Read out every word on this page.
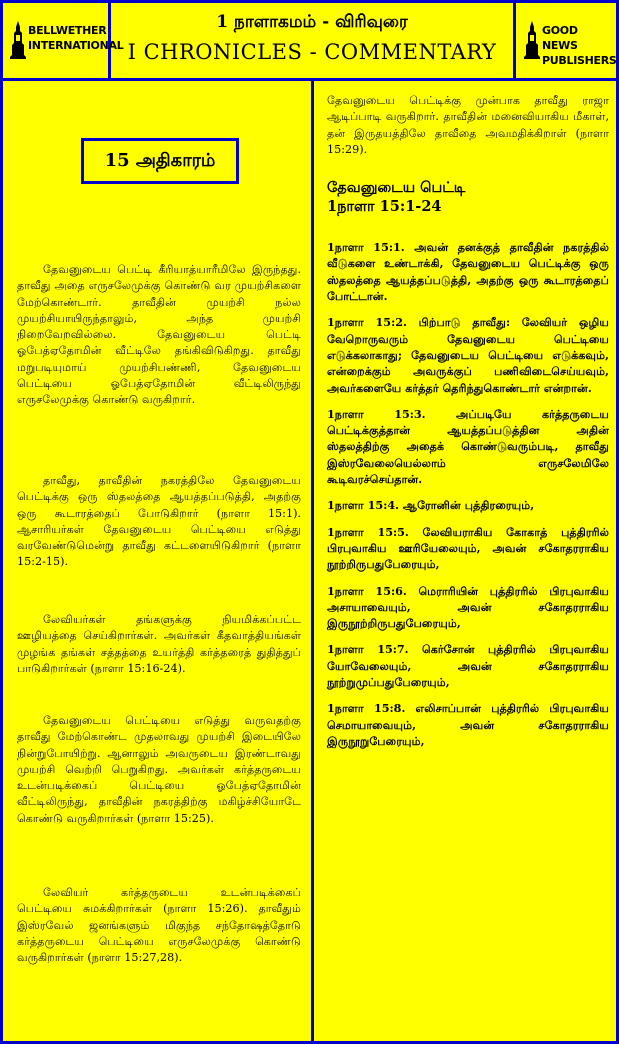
BELLWETHER
INTERNATIONAL
1 நாளாகமம் - விரிவுரை
I CHRONICLES - COMMENTARY
GOOD NEWS
PUBLISHERS
15 அதிகாரம்

தேவனுடைய பெட்டி கீரியாத்யாரீமிலே இருந்தது. தாவீது அதை எருசலேமுக்கு கொண்டு வர முயற்சிகளை மேற்கொண்டார். தாவீதின் முயற்சி நல்ல முயற்சியாயிருந்தாலும், அந்த முயற்சி நிறைவேறவில்லை. தேவனுடைய பெட்டி ஓபேத்ஏதோமின் வீட்டிலே தங்கிவிடுகிறது. தாவீது மறுபடியுமாய் முயற்சிபண்ணி, தேவனுடைய பெட்டியை ஓபேத்ஏதோமின் வீட்டிலிருந்து எருசலேமுக்கு கொண்டு வருகிறார்.

தாவீது, தாவீதின் நகரத்திலே தேவனுடைய பெட்டிக்கு ஒரு ஸ்தலத்தை ஆயத்தப்படுத்தி, அதற்கு ஒரு கூடாரத்தைப் போடுகிறார் (நாளா 15:1). ஆசாரியர்கள் தேவனுடைய பெட்டியை எடுத்து வரவேண்டுமென்று தாவீது கட்டளையிடுகிறார் (நாளா 15:2-15).

லேவியர்கள் தங்களுக்கு நியமிக்கப்பட்ட ஊழியத்தை செய்கிறார்கள். அவர்கள் கீதவாத்தியங்கள் முழங்க தங்கள் சத்தத்தை உயர்த்தி கர்த்தரைத் துதித்துப் பாடுகிறார்கள் (நாளா 15:16-24).

தேவனுடைய பெட்டியை எடுத்து வருவதற்கு தாவீது மேற்கொண்ட முதலாவது முயற்சி இடையிலே நின்றுபோயிற்று. ஆனாலும் அவருடைய இரண்டாவது முயற்சி வெற்றி பெறுகிறது. அவர்கள் கர்த்தருடைய உடன்படிக்கைப் பெட்டியை ஓபேத்ஏதோமின் வீட்டிலிருந்து, தாவீதின் நகரத்திற்கு மகிழ்ச்சியோடே கொண்டு வருகிறார்கள் (நாளா 15:25).

லேவியர் கர்த்தருடைய உடன்படிக்கைப் பெட்டியை சுமக்கிறார்கள் (நாளா 15:26). தாவீதும் இஸ்ரவேல் ஜனங்களும் மிகுந்த சந்தோஷத்தோடு கர்த்தருடைய பெட்டியை எருசலேமுக்கு கொண்டு வருகிறார்கள் (நாளா 15:27,28).

தேவனுடைய பெட்டிக்கு முன்பாக தாவீது ராஜா ஆடிப்பாடி வருகிறார். தாவீதின் மனைவியாகிய மீகாள், தன் இருதயத்திலே தாவீதை அவமதிக்கிறாள் (நாளா 15:29).

தேவனுடைய பெட்டி
1நாளா 15:1-24

1நாளா 15:1. அவன் தனக்குத் தாவீதின் நகரத்தில் வீடுகளை உண்டாக்கி, தேவனுடைய பெட்டிக்கு ஒரு ஸ்தலத்தை ஆயத்தப்படுத்தி, அதற்கு ஒரு கூடாரத்தைப் போட்டான்.

1நாளா 15:2. பிற்பாடு தாவீது: லேவியர் ஒழிய வேறொருவரும் தேவனுடைய பெட்டியை எடுக்கலாகாது; தேவனுடைய பெட்டியை எடுக்கவும், என்றைக்கும் அவருக்குப் பணிவிடைசெய்யவும், அவர்களையே கர்த்தர் தெரிந்துகொண்டார் என்றான்.

1நாளா 15:3. அப்படியே கர்த்தருடைய பெட்டிக்குத்தான் ஆயத்தப்படுத்தின அதின் ஸ்தலத்திற்கு அதைக் கொண்டுவரும்படி, தாவீது இஸ்ரவேலையெல்லாம் எருசலேமிலே கூடிவரச்செய்தான்.

1நாளா 15:4. ஆரோனின் புத்திரரையும்,

1நாளா 15:5. லேவியராகிய கோகாத் புத்திரரில் பிரபுவாகிய ஊரியேலையும், அவன் சகோதரராகிய நூற்றிருபதுபேரையும்,

1நாளா 15:6. மெராரியின் புத்திரரில் பிரபுவாகிய அசாயாவையும், அவன் சகோதரராகிய இருநூற்றிருபதுபேரையும்,

1நாளா 15:7. கெர்சோன் புத்திரரில் பிரபுவாகிய யோவேலையும், அவன் சகோதரராகிய நூற்றுமுப்பதுபேரையும்,

1நாளா 15:8. எலிசாப்பான் புத்திரரில் பிரபுவாகிய செமாயாவையும், அவன் சகோதரராகிய இருநூறுபேரையும்,
